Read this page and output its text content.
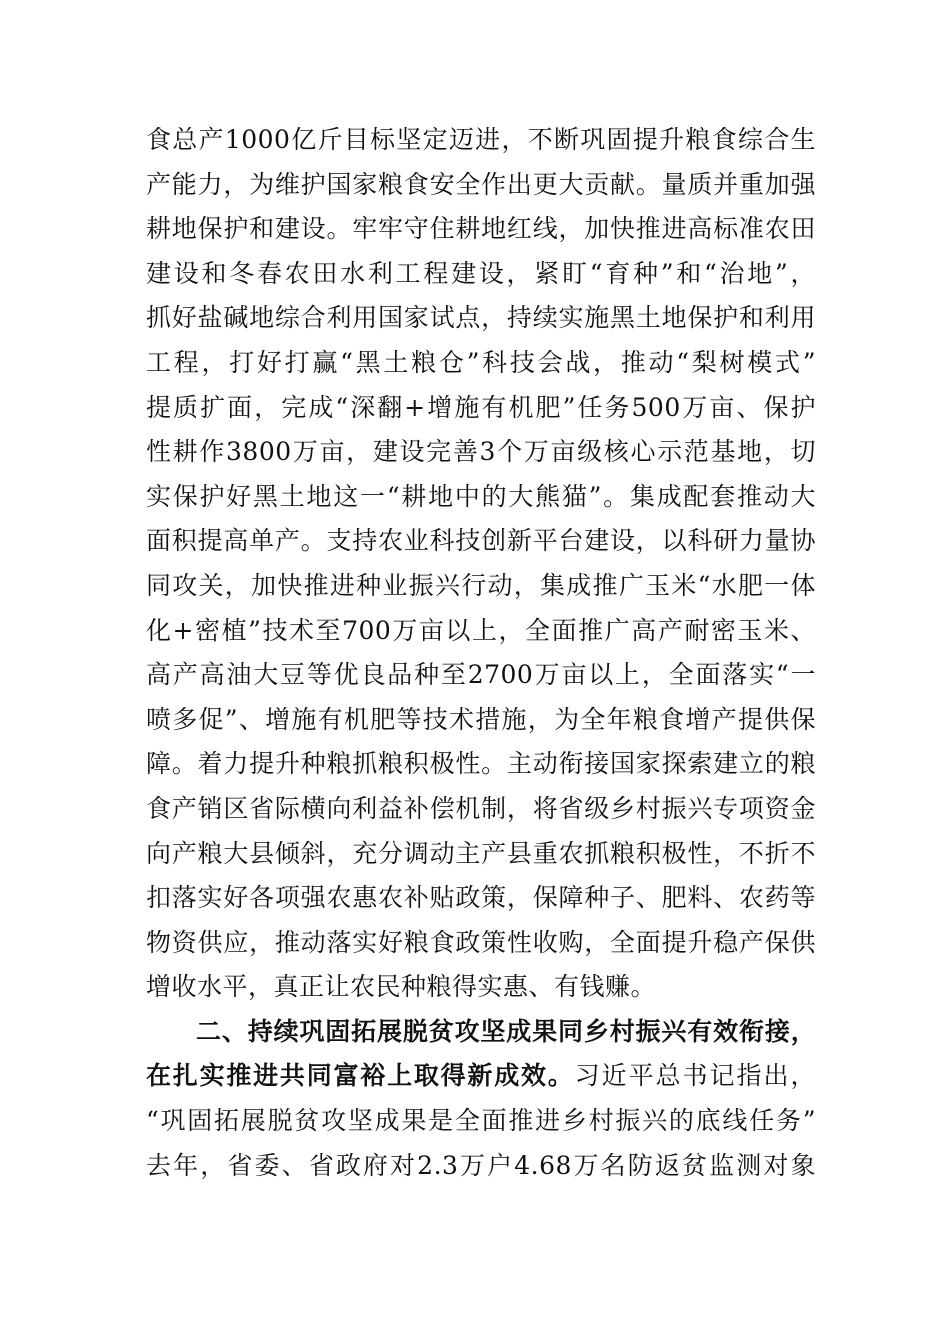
食总产1000亿斤目标坚定迈进，不断巩固提升粮食综合生
产能力，为维护国家粮食安全作出更大贡献。量质并重加强
耕地保护和建设。牢牢守住耕地红线，加快推进高标准农田
建设和冬春农田水利工程建设，紧盯“育种”和“治地”，
抓好盐碱地综合利用国家试点，持续实施黑土地保护和利用
工程，打好打赢“黑土粮仓”科技会战，推动“梨树模式”
提质扩面，完成“深翻+增施有机肥”任务500万亩、保护
性耕作3800万亩，建设完善3个万亩级核心示范基地，切
实保护好黑土地这一“耕地中的大熊猫”。集成配套推动大
面积提高单产。支持农业科技创新平台建设，以科研力量协
同攻关，加快推进种业振兴行动，集成推广玉米“水肥一体
化+密植”技术至700万亩以上，全面推广高产耐密玉米、
高产高油大豆等优良品种至2700万亩以上，全面落实“一
喷多促”、增施有机肥等技术措施，为全年粮食增产提供保
障。着力提升种粮抓粮积极性。主动衔接国家探索建立的粮
食产销区省际横向利益补偿机制，将省级乡村振兴专项资金
向产粮大县倾斜，充分调动主产县重农抓粮积极性，不折不
扣落实好各项强农惠农补贴政策，保障种子、肥料、农药等
物资供应，推动落实好粮食政策性收购，全面提升稳产保供
增收水平，真正让农民种粮得实惠、有钱赚。
二、持续巩固拓展脱贫攻坚成果同乡村振兴有效衔接，
在扎实推进共同富裕上取得新成效。习近平总书记指出，
“巩固拓展脱贫攻坚成果是全面推进乡村振兴的底线任务”
去年，省委、省政府对2.3万户4.68万名防返贫监测对象
